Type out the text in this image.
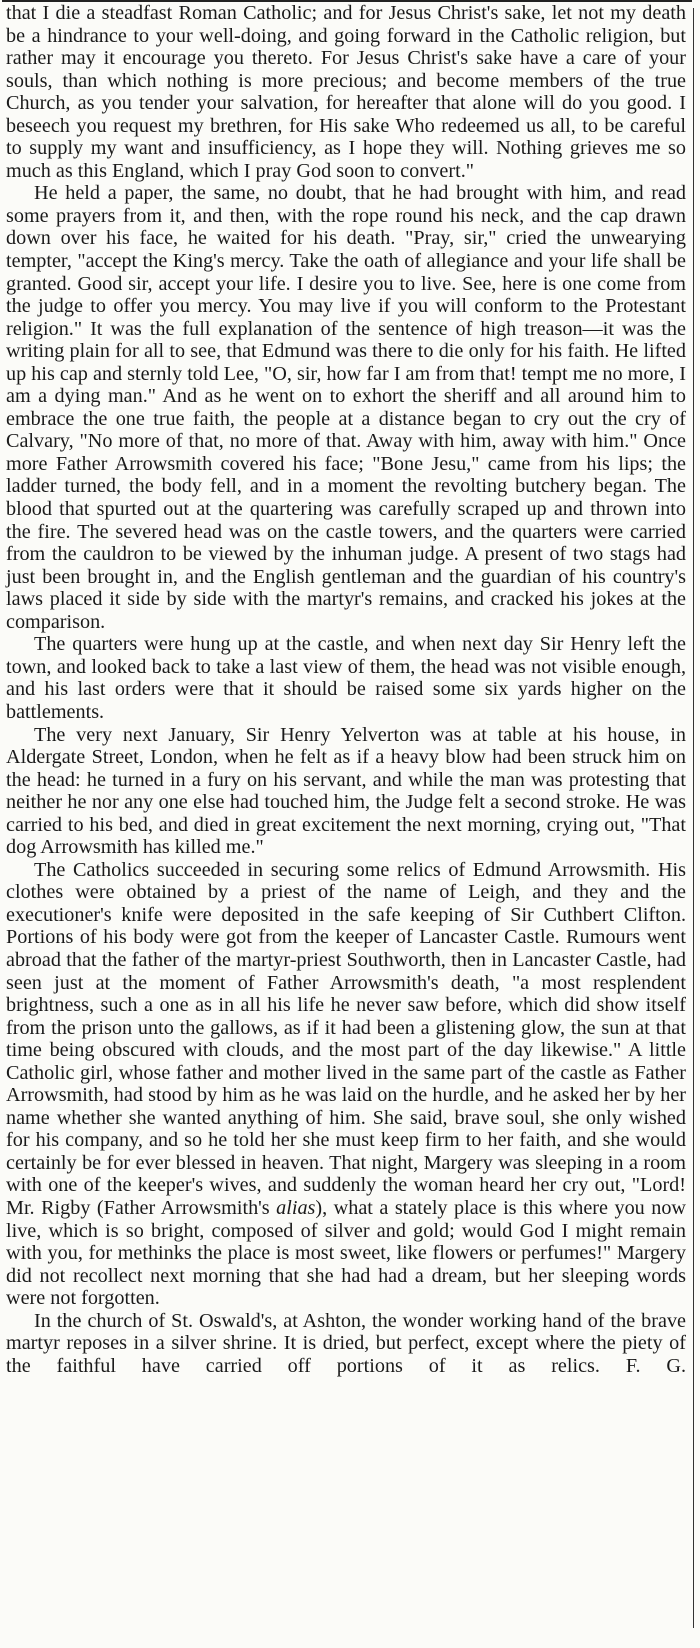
that I die a steadfast Roman Catholic; and for Jesus Christ's sake, let not my death be a hindrance to your well-doing, and going forward in the Catholic religion, but rather may it encourage you thereto. For Jesus Christ's sake have a care of your souls, than which nothing is more precious; and become members of the true Church, as you tender your salvation, for hereafter that alone will do you good. I beseech you request my brethren, for His sake Who redeemed us all, to be careful to supply my want and insufficiency, as I hope they will. Nothing grieves me so much as this England, which I pray God soon to convert."

He held a paper, the same, no doubt, that he had brought with him, and read some prayers from it, and then, with the rope round his neck, and the cap drawn down over his face, he waited for his death. "Pray, sir," cried the unwearying tempter, "accept the King's mercy. Take the oath of allegiance and your life shall be granted. Good sir, accept your life. I desire you to live. See, here is one come from the judge to offer you mercy. You may live if you will conform to the Protestant religion." It was the full explanation of the sentence of high treason—it was the writing plain for all to see, that Edmund was there to die only for his faith. He lifted up his cap and sternly told Lee, "O, sir, how far I am from that! tempt me no more, I am a dying man." And as he went on to exhort the sheriff and all around him to embrace the one true faith, the people at a distance began to cry out the cry of Calvary, "No more of that, no more of that. Away with him, away with him." Once more Father Arrowsmith covered his face; "Bone Jesu," came from his lips; the ladder turned, the body fell, and in a moment the revolting butchery began. The blood that spurted out at the quartering was carefully scraped up and thrown into the fire. The severed head was on the castle towers, and the quarters were carried from the cauldron to be viewed by the inhuman judge. A present of two stags had just been brought in, and the English gentleman and the guardian of his country's laws placed it side by side with the martyr's remains, and cracked his jokes at the comparison.

The quarters were hung up at the castle, and when next day Sir Henry left the town, and looked back to take a last view of them, the head was not visible enough, and his last orders were that it should be raised some six yards higher on the battlements.

The very next January, Sir Henry Yelverton was at table at his house, in Aldergate Street, London, when he felt as if a heavy blow had been struck him on the head: he turned in a fury on his servant, and while the man was protesting that neither he nor any one else had touched him, the Judge felt a second stroke. He was carried to his bed, and died in great excitement the next morning, crying out, "That dog Arrowsmith has killed me."

The Catholics succeeded in securing some relics of Edmund Arrowsmith. His clothes were obtained by a priest of the name of Leigh, and they and the executioner's knife were deposited in the safe keeping of Sir Cuthbert Clifton. Portions of his body were got from the keeper of Lancaster Castle. Rumours went abroad that the father of the martyr-priest Southworth, then in Lancaster Castle, had seen just at the moment of Father Arrowsmith's death, "a most resplendent brightness, such a one as in all his life he never saw before, which did show itself from the prison unto the gallows, as if it had been a glistening glow, the sun at that time being obscured with clouds, and the most part of the day likewise." A little Catholic girl, whose father and mother lived in the same part of the castle as Father Arrowsmith, had stood by him as he was laid on the hurdle, and he asked her by her name whether she wanted anything of him. She said, brave soul, she only wished for his company, and so he told her she must keep firm to her faith, and she would certainly be for ever blessed in heaven. That night, Margery was sleeping in a room with one of the keeper's wives, and suddenly the woman heard her cry out, "Lord! Mr. Rigby (Father Arrowsmith's alias), what a stately place is this where you now live, which is so bright, composed of silver and gold; would God I might remain with you, for methinks the place is most sweet, like flowers or perfumes!" Margery did not recollect next morning that she had had a dream, but her sleeping words were not forgotten.

In the church of St. Oswald's, at Ashton, the wonder working hand of the brave martyr reposes in a silver shrine. It is dried, but perfect, except where the piety of the faithful have carried off portions of it as relics. F. G.
